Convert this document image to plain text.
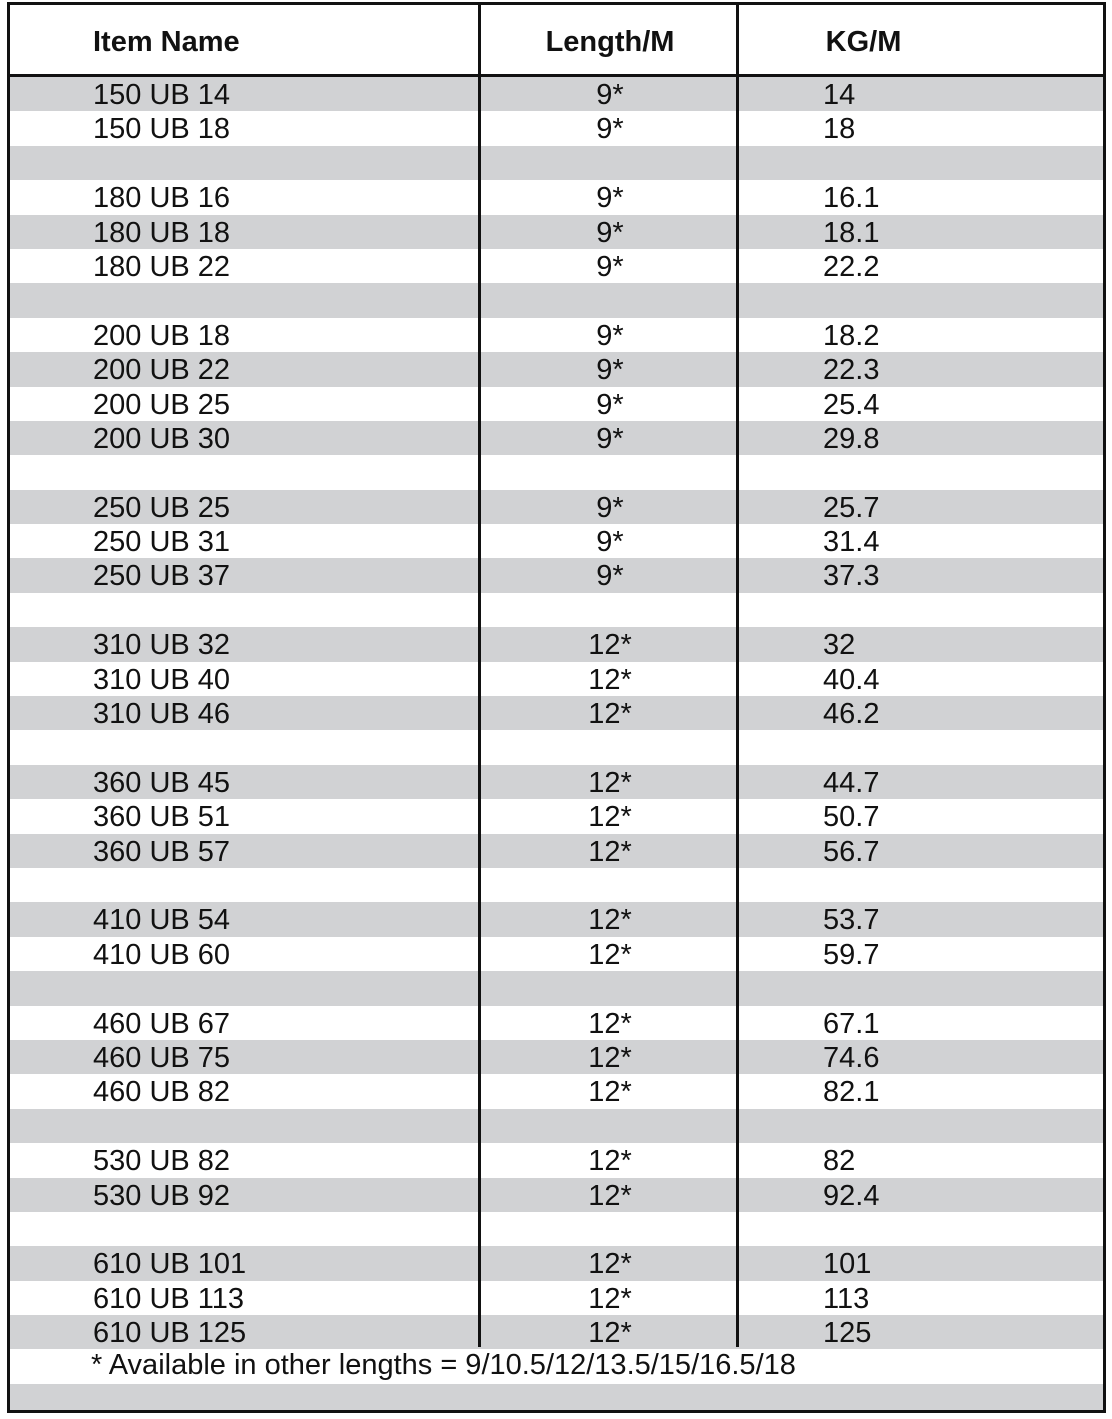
Item Name	Length/M	KG/M
150 UB 14	9*	14
150 UB 18	9*	18
180 UB 16	9*	16.1
180 UB 18	9*	18.1
180 UB 22	9*	22.2
200 UB 18	9*	18.2
200 UB 22	9*	22.3
200 UB 25	9*	25.4
200 UB 30	9*	29.8
250 UB 25	9*	25.7
250 UB 31	9*	31.4
250 UB 37	9*	37.3
310 UB 32	12*	32
310 UB 40	12*	40.4
310 UB 46	12*	46.2
360 UB 45	12*	44.7
360 UB 51	12*	50.7
360 UB 57	12*	56.7
410 UB 54	12*	53.7
410 UB 60	12*	59.7
460 UB 67	12*	67.1
460 UB 75	12*	74.6
460 UB 82	12*	82.1
530 UB 82	12*	82
530 UB 92	12*	92.4
610 UB 101	12*	101
610 UB 113	12*	113
610 UB 125	12*	125
* Available in other lengths = 9/10.5/12/13.5/15/16.5/18
